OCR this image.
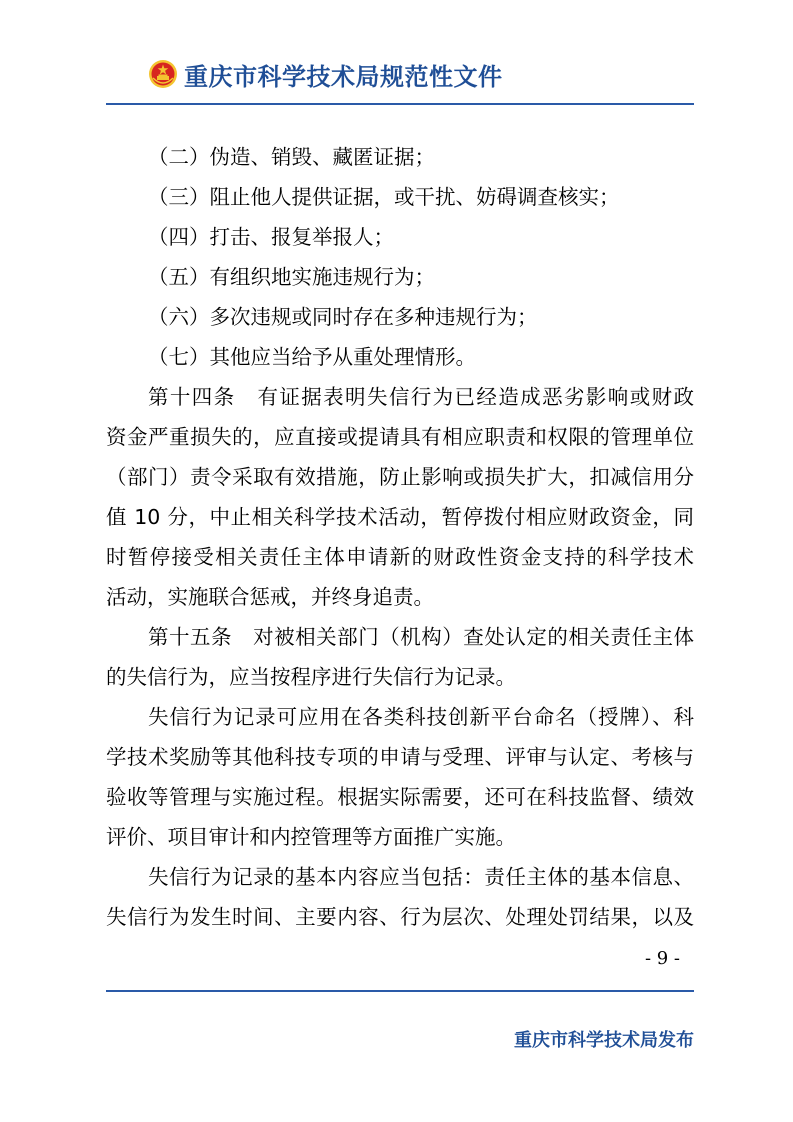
重庆市科学技术局规范性文件
（二）伪造、销毁、藏匿证据；
（三）阻止他人提供证据，或干扰、妨碍调查核实；
（四）打击、报复举报人；
（五）有组织地实施违规行为；
（六）多次违规或同时存在多种违规行为；
（七）其他应当给予从重处理情形。
第十四条　有证据表明失信行为已经造成恶劣影响或财政
资金严重损失的，应直接或提请具有相应职责和权限的管理单位
（部门）责令采取有效措施，防止影响或损失扩大，扣减信用分
值 10 分，中止相关科学技术活动，暂停拨付相应财政资金，同
时暂停接受相关责任主体申请新的财政性资金支持的科学技术
活动，实施联合惩戒，并终身追责。
第十五条　对被相关部门（机构）查处认定的相关责任主体
的失信行为，应当按程序进行失信行为记录。
失信行为记录可应用在各类科技创新平台命名（授牌）、科
学技术奖励等其他科技专项的申请与受理、评审与认定、考核与
验收等管理与实施过程。根据实际需要，还可在科技监督、绩效
评价、项目审计和内控管理等方面推广实施。
失信行为记录的基本内容应当包括：责任主体的基本信息、
失信行为发生时间、主要内容、行为层次、处理处罚结果，以及
- 9 -
重庆市科学技术局发布
